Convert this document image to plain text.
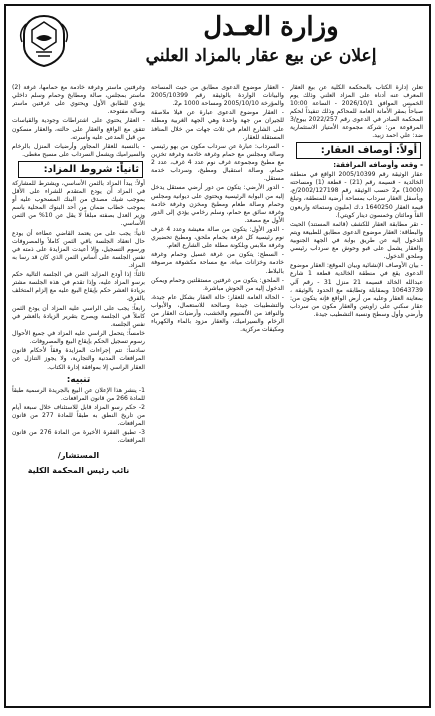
وزارة العـدل
إعلان عن بيع عقار بالمزاد العلني

تعلن إدارة الكتاب بالمحكمة الكلية عن بيع العقار المعرف عنه أدناه على المزاد العلني وذلك يوم الخميس الموافق 2026/10/1 - الساعة 10:00 صباحاً بمقر الأمانة العامة للمحاكم وذلك تنفيذاً لحكم المحكمة الصادر في الدعوى رقم 2022/257 بيوع/3 المرفوعة من: شركة مجموعة الأمتياز الاستثمارية ضد: علي احمد زبيد.

أولاً: أوصاف العقار:
- وقعه وأوصافه المرافقة:

عقار الوثيقة رقم 2005/10399 الواقع في منطقة الخالدية - قسيمة رقم (21) - قطعة (1) ومساحته (1000) م2 حسب الوثيقة رقم 2002/127198/ع، وبأسفل العقار سرداب بمساحة أرضية للمنطقة، وتبلغ قيمة العقار 1640250 د.ك (مليون وستمائة واربعون الفاً ومائتان وخمسون دينار كويتي).

- تقر مطابقة العقار للكشف (قائمة المستند) الحيث والبطاقة: العقار موضوع الدعوى مطابق للطبيعة ويتم الدخول إليه عن طريق بوابة في الجهة الجنوبية والعقار يشمل على قبو وحوش مع سرداب رئيسي وملحق الدخول.

- بيان الأوصاف الإنشائية وبيان الموقع: العقار موضوع الدعوى يقع في منطقة الخالدية قطعة 1 شارع عبدالله الخالد قسيمة 21 منزل 31 - رقم آلي 10643739 وبمقابلة وتطابقه مع الحدود بالوثيقة ، بمعاينة العقار وعليه من أرض الواقع فإنه يتكون من: عقار سكني على زاويتين والعقار مكون من سرداب وأرضي وأول وسطح ونسبة التشطيب جيدة.

- العقار موضوع الدعوى مطابق من حيث المساحة والبيانات الواردة بالوثيقة رقم 2005/10399 والمؤرخة 2005/10/10 ومساحة 1000 م2.

- العقار موضوع الدعوى عبارة عن فيلا ملاصقة للجيران من جهة واحدة وهي الجهة الغربية ومطلة على الشارع العام في ثلاث جهات من خلال المنافذ المستقلة للعقار.

- السرداب: عبارة عن سرداب مكون من بهو رئيسي وصالة ومجلس مع حمام وغرفة خادمة وغرفة تخزين مع مطبخ ومجموعة غرف نوم عدد 4 غرف، عدد 2 حمام، وصالة استقبال ومطبخ، وسرداب خدمة مستقل.

- الدور الأرضي: يتكون من دور أرضي مستقل يدخل إليه من البوابة الرئيسية ويحتوي على ديوانية ومجلس وحمام وصالة طعام ومطبخ ومخزن وغرفة خادمة وغرفة سائق مع حمام، وسلم رخامي يؤدي إلى الدور الأول مع مصعد.

- الدور الأول: يتكون من صالة معيشة وعدد 4 غرف نوم رئيسية كل غرفة بحمام ملحق، ومطبخ تحضيري وغرفة ملابس وبلكونة مطلة على الشارع العام.

- السطح: يتكون من غرفة غسيل وحمام وغرفة خادمة وخزانات مياه، مع مساحة مكشوفة مرصوفة بالبلاط.

- الملحق: يتكون من غرفتين مستقلتين وحمام ويمكن الدخول إليه من الحوش مباشرة.

- الحالة العامة للعقار: حالة العقار بشكل عام جيدة، والتشطيبات جيدة وصالحة للاستعمال، والأبواب والنوافذ من الألمنيوم والخشب، وأرضيات العقار من الرخام والسيراميك، والعقار مزود بالماء والكهرباء ومكيفات مركزية.

وغرفتين ماستر وغرفة خادمة مع حمامها، غرفة (2) ماستر بمجلس، صالة ومطابخ وحمام وسلم داخلي يؤدي للطابق الأول ويحتوي على غرفتين ماستر وصالة مفتوحة.

- العقار يحتوي على اشتراطات وجودية والقياسات تتفق مع الواقع والعقار على حالته، والعقار مسكون من قبل المدعى عليه وأسرته.

- بالنسبة للعقار المجاور وأرضيات المنزل بالرخام والسيراميك ويشمل السرداب على مسبح مغطى.

ثانياً: شروط المزاد:

أولاً: يبدأ المزاد بالثمن الأساسي، ويشترط للمشاركة في المزاد أن يودع المتقدم للشراء على الأقل بموجب شيك مصدق من البنك المسحوب عليه أو بموجب خطاب ضمان من أحد البنوك المحلية باسم وزير العدل بصفته مبلغاً لا يقل عن 10% من الثمن الأساسي.

ثانياً: يجب على من يعتمد القاضي عطاءه أن يودع حال انعقاد الجلسة باقي الثمن كاملاً والمصروفات ورسوم التسجيل، وإلا أعيدت المزايدة على ذمته في نفس الجلسة على أساس الثمن الذي كان قد رسا به المزاد.

ثالثاً: إذا أودع المزايد الثمن في الجلسة التالية حكم برسو المزاد عليه، وإذا تقدم في هذه الجلسة مشتر بزيادة العشر حكم بإيقاع البيع عليه مع إلزام المتخلف بالفرق.

رابعاً: يجب على الراسي عليه المزاد أن يودع الثمن كاملاً في الجلسة ويصرح بتقرير الزيادة بالعشر في نفس الجلسة.

خامساً: يتحمل الراسي عليه المزاد في جميع الأحوال رسوم تسجيل الحكم بإيقاع البيع والمصروفات.

سادساً: تتم إجراءات المزايدة وفقاً لأحكام قانون المرافعات المدنية والتجارية، ولا يجوز التنازل عن العقار الراسي إلا بموافقة إدارة الكتاب.

تنبيه:

1- ينشر هذا الإعلان عن البيع بالجريدة الرسمية طبقاً للمادة 266 من قانون المرافعات.

2- حكم رسو المزاد قابل للاستئناف خلال سبعة أيام من تاريخ النطق به طبقاً للمادة 277 من قانون المرافعات.

3- تطبق الفقرة الأخيرة من المادة 276 من قانون المرافعات.

المستشار/
نائب رئيس المحكمة الكلية
